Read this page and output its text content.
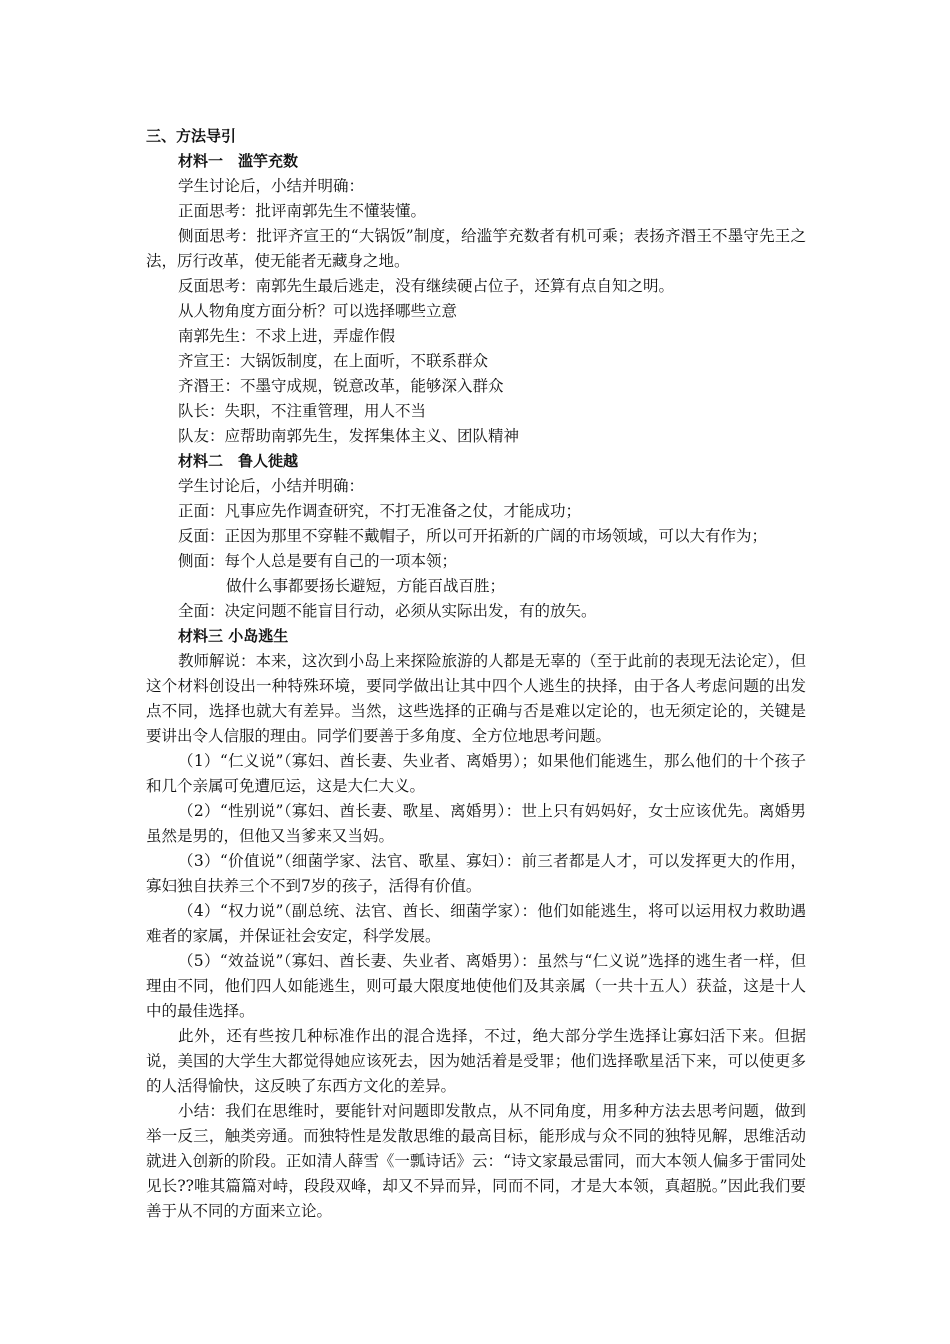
三、方法导引
材料一　滥竽充数
学生讨论后，小结并明确：
正面思考：批评南郭先生不懂装懂。

侧面思考：批评齐宣王的“大锅饭”制度，给滥竽充数者有机可乘；表扬齐湣王不墨守先王之法，厉行改革，使无能者无藏身之地。

反面思考：南郭先生最后逃走，没有继续硬占位子，还算有点自知之明。
从人物角度方面分析？可以选择哪些立意
南郭先生：不求上进，弄虚作假
齐宣王：大锅饭制度，在上面听，不联系群众
齐湣王：不墨守成规，锐意改革，能够深入群众
队长：失职，不注重管理，用人不当
队友：应帮助南郭先生，发挥集体主义、团队精神
材料二　鲁人徙越
学生讨论后，小结并明确：
正面：凡事应先作调查研究，不打无准备之仗，才能成功；
反面：正因为那里不穿鞋不戴帽子，所以可开拓新的广阔的市场领域，可以大有作为；
侧面：每个人总是要有自己的一项本领；
做什么事都要扬长避短，方能百战百胜；
全面：决定问题不能盲目行动，必须从实际出发，有的放矢。
材料三 小岛逃生

教师解说：本来，这次到小岛上来探险旅游的人都是无辜的（至于此前的表现无法论定），但这个材料创设出一种特殊环境，要同学做出让其中四个人逃生的抉择，由于各人考虑问题的出发点不同，选择也就大有差异。当然，这些选择的正确与否是难以定论的，也无须定论的，关键是要讲出令人信服的理由。同学们要善于多角度、全方位地思考问题。

（1）“仁义说”（寡妇、酋长妻、失业者、离婚男）；如果他们能逃生，那么他们的十个孩子和几个亲属可免遭厄运，这是大仁大义。

（2）“性别说”（寡妇、酋长妻、歌星、离婚男）：世上只有妈妈好，女士应该优先。离婚男虽然是男的，但他又当爹来又当妈。

（3）“价值说”（细菌学家、法官、歌星、寡妇）：前三者都是人才，可以发挥更大的作用，寡妇独自扶养三个不到7岁的孩子，活得有价值。

（4）“权力说”（副总统、法官、酋长、细菌学家）：他们如能逃生，将可以运用权力救助遇难者的家属，并保证社会安定，科学发展。

（5）“效益说”（寡妇、酋长妻、失业者、离婚男）：虽然与“仁义说”选择的逃生者一样，但理由不同，他们四人如能逃生，则可最大限度地使他们及其亲属（一共十五人）获益，这是十人中的最佳选择。

此外，还有些按几种标准作出的混合选择，不过，绝大部分学生选择让寡妇活下来。但据说，美国的大学生大都觉得她应该死去，因为她活着是受罪；他们选择歌星活下来，可以使更多的人活得愉快，这反映了东西方文化的差异。

小结：我们在思维时，要能针对问题即发散点，从不同角度，用多种方法去思考问题，做到举一反三，触类旁通。而独特性是发散思维的最高目标，能形成与众不同的独特见解，思维活动就进入创新的阶段。正如清人薛雪《一瓢诗话》云：“诗文家最忌雷同，而大本领人偏多于雷同处见长??唯其篇篇对峙，段段双峰，却又不异而异，同而不同，才是大本领，真超脱。”因此我们要善于从不同的方面来立论。
